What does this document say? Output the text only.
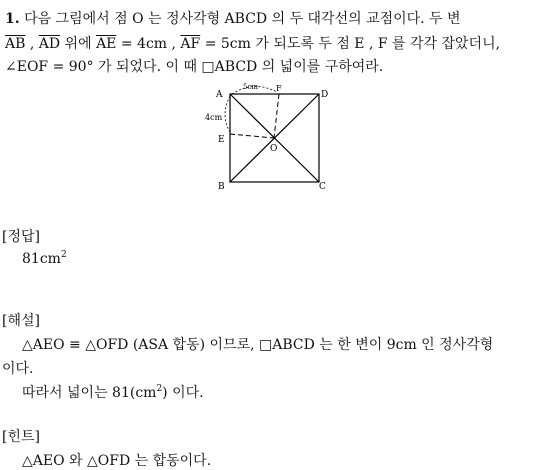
1. 다음 그림에서 점 O 는 정사각형 ABCD 의 두 대각선의 교점이다. 두 변
$\overline{AB}$ , $\overline{AD}$ 위에 $\overline{AE} = 4cm$ , $\overline{AF} = 5cm$ 가 되도록 두 점 E , F 를 각각 잡았더니,
∠EOF = 90° 가 되었다. 이 때 □ABCD 의 넓이를 구하여라.
A	D
B	C
E
F
O
5cm
4cm
[정답]
$81cm^2$
[해설]
△AEO ≡ △OFD (ASA 합동) 이므로, □ABCD 는 한 변이 9cm 인 정사각형
이다.
따라서 넓이는 $81(cm^2)$ 이다.
[힌트]
△AEO 와 △OFD 는 합동이다.
